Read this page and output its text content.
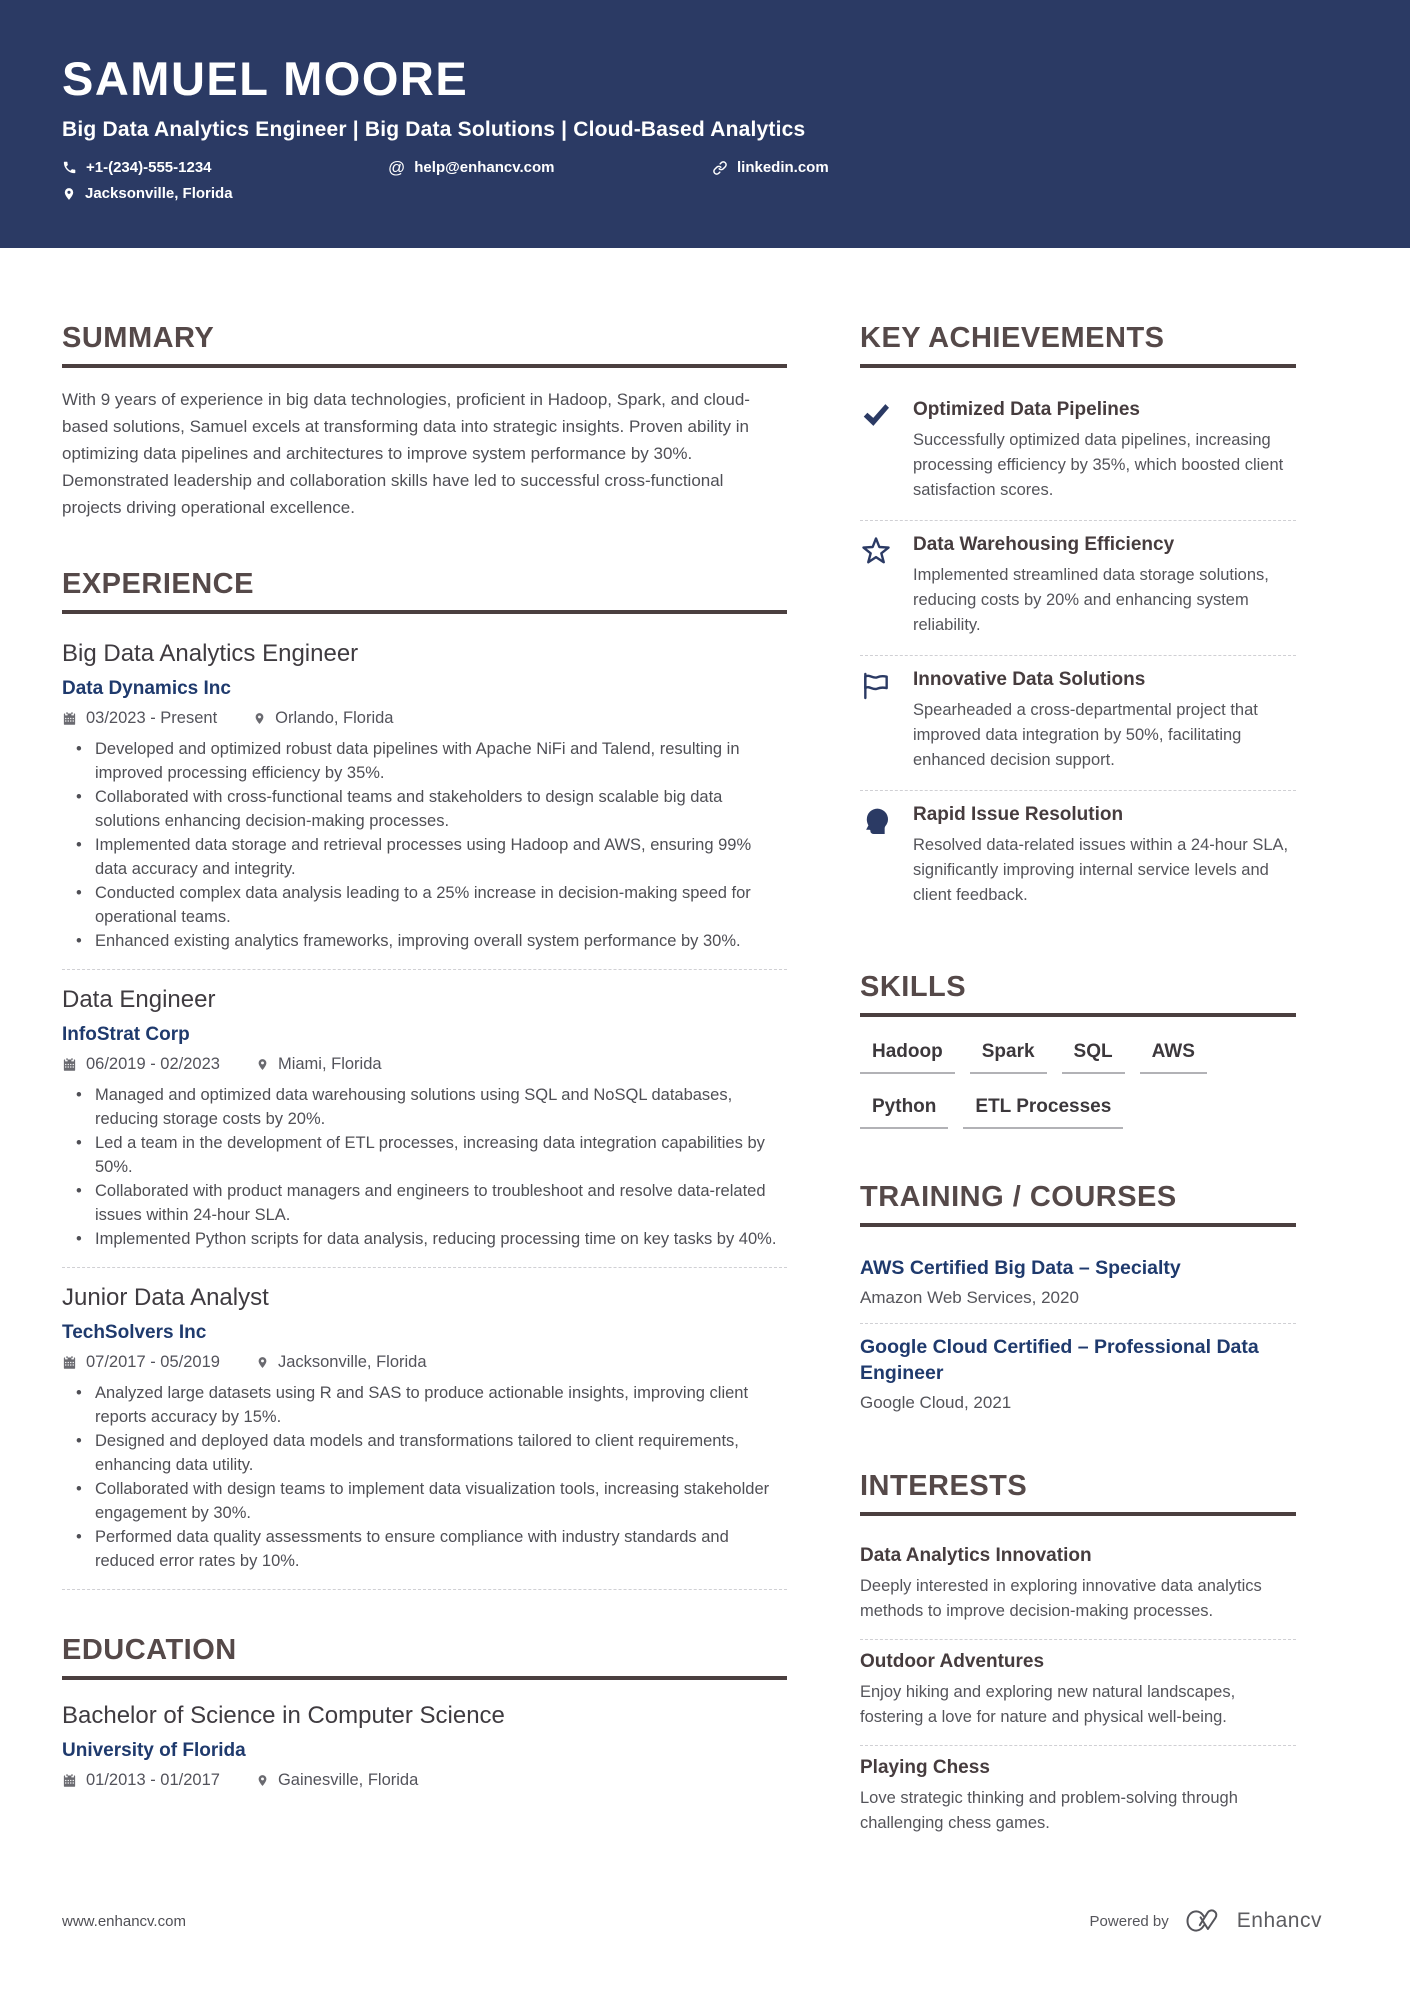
SAMUEL MOORE
Big Data Analytics Engineer | Big Data Solutions | Cloud-Based Analytics
+1-(234)-555-1234	@ help@enhancv.com	linkedin.com
Jacksonville, Florida
SUMMARY

With 9 years of experience in big data technologies, proficient in Hadoop, Spark, and cloud-based solutions, Samuel excels at transforming data into strategic insights. Proven ability in optimizing data pipelines and architectures to improve system performance by 30%. Demonstrated leadership and collaboration skills have led to successful cross-functional projects driving operational excellence.

EXPERIENCE
Big Data Analytics Engineer
Data Dynamics Inc
03/2023 - Present	Orlando, Florida
• Developed and optimized robust data pipelines with Apache NiFi and Talend, resulting in improved processing efficiency by 35%.
• Collaborated with cross-functional teams and stakeholders to design scalable big data solutions enhancing decision-making processes.
• Implemented data storage and retrieval processes using Hadoop and AWS, ensuring 99% data accuracy and integrity.
• Conducted complex data analysis leading to a 25% increase in decision-making speed for operational teams.
• Enhanced existing analytics frameworks, improving overall system performance by 30%.
Data Engineer
InfoStrat Corp
06/2019 - 02/2023	Miami, Florida
• Managed and optimized data warehousing solutions using SQL and NoSQL databases, reducing storage costs by 20%.
• Led a team in the development of ETL processes, increasing data integration capabilities by 50%.
• Collaborated with product managers and engineers to troubleshoot and resolve data-related issues within 24-hour SLA.
• Implemented Python scripts for data analysis, reducing processing time on key tasks by 40%.
Junior Data Analyst
TechSolvers Inc
07/2017 - 05/2019	Jacksonville, Florida
• Analyzed large datasets using R and SAS to produce actionable insights, improving client reports accuracy by 15%.
• Designed and deployed data models and transformations tailored to client requirements, enhancing data utility.
• Collaborated with design teams to implement data visualization tools, increasing stakeholder engagement by 30%.
• Performed data quality assessments to ensure compliance with industry standards and reduced error rates by 10%.
EDUCATION
Bachelor of Science in Computer Science
University of Florida
01/2013 - 01/2017	Gainesville, Florida
KEY ACHIEVEMENTS
Optimized Data Pipelines

Successfully optimized data pipelines, increasing processing efficiency by 35%, which boosted client satisfaction scores.

Data Warehousing Efficiency

Implemented streamlined data storage solutions, reducing costs by 20% and enhancing system reliability.

Innovative Data Solutions

Spearheaded a cross-departmental project that improved data integration by 50%, facilitating enhanced decision support.

Rapid Issue Resolution

Resolved data-related issues within a 24-hour SLA, significantly improving internal service levels and client feedback.

SKILLS
Hadoop Spark SQL AWS
Python ETL Processes
TRAINING / COURSES
AWS Certified Big Data – Specialty
Amazon Web Services, 2020
Google Cloud Certified – Professional Data Engineer
Google Cloud, 2021
INTERESTS
Data Analytics Innovation

Deeply interested in exploring innovative data analytics methods to improve decision-making processes.

Outdoor Adventures

Enjoy hiking and exploring new natural landscapes, fostering a love for nature and physical well-being.

Playing Chess

Love strategic thinking and problem-solving through challenging chess games.

www.enhancv.com	Powered by	Enhancv
